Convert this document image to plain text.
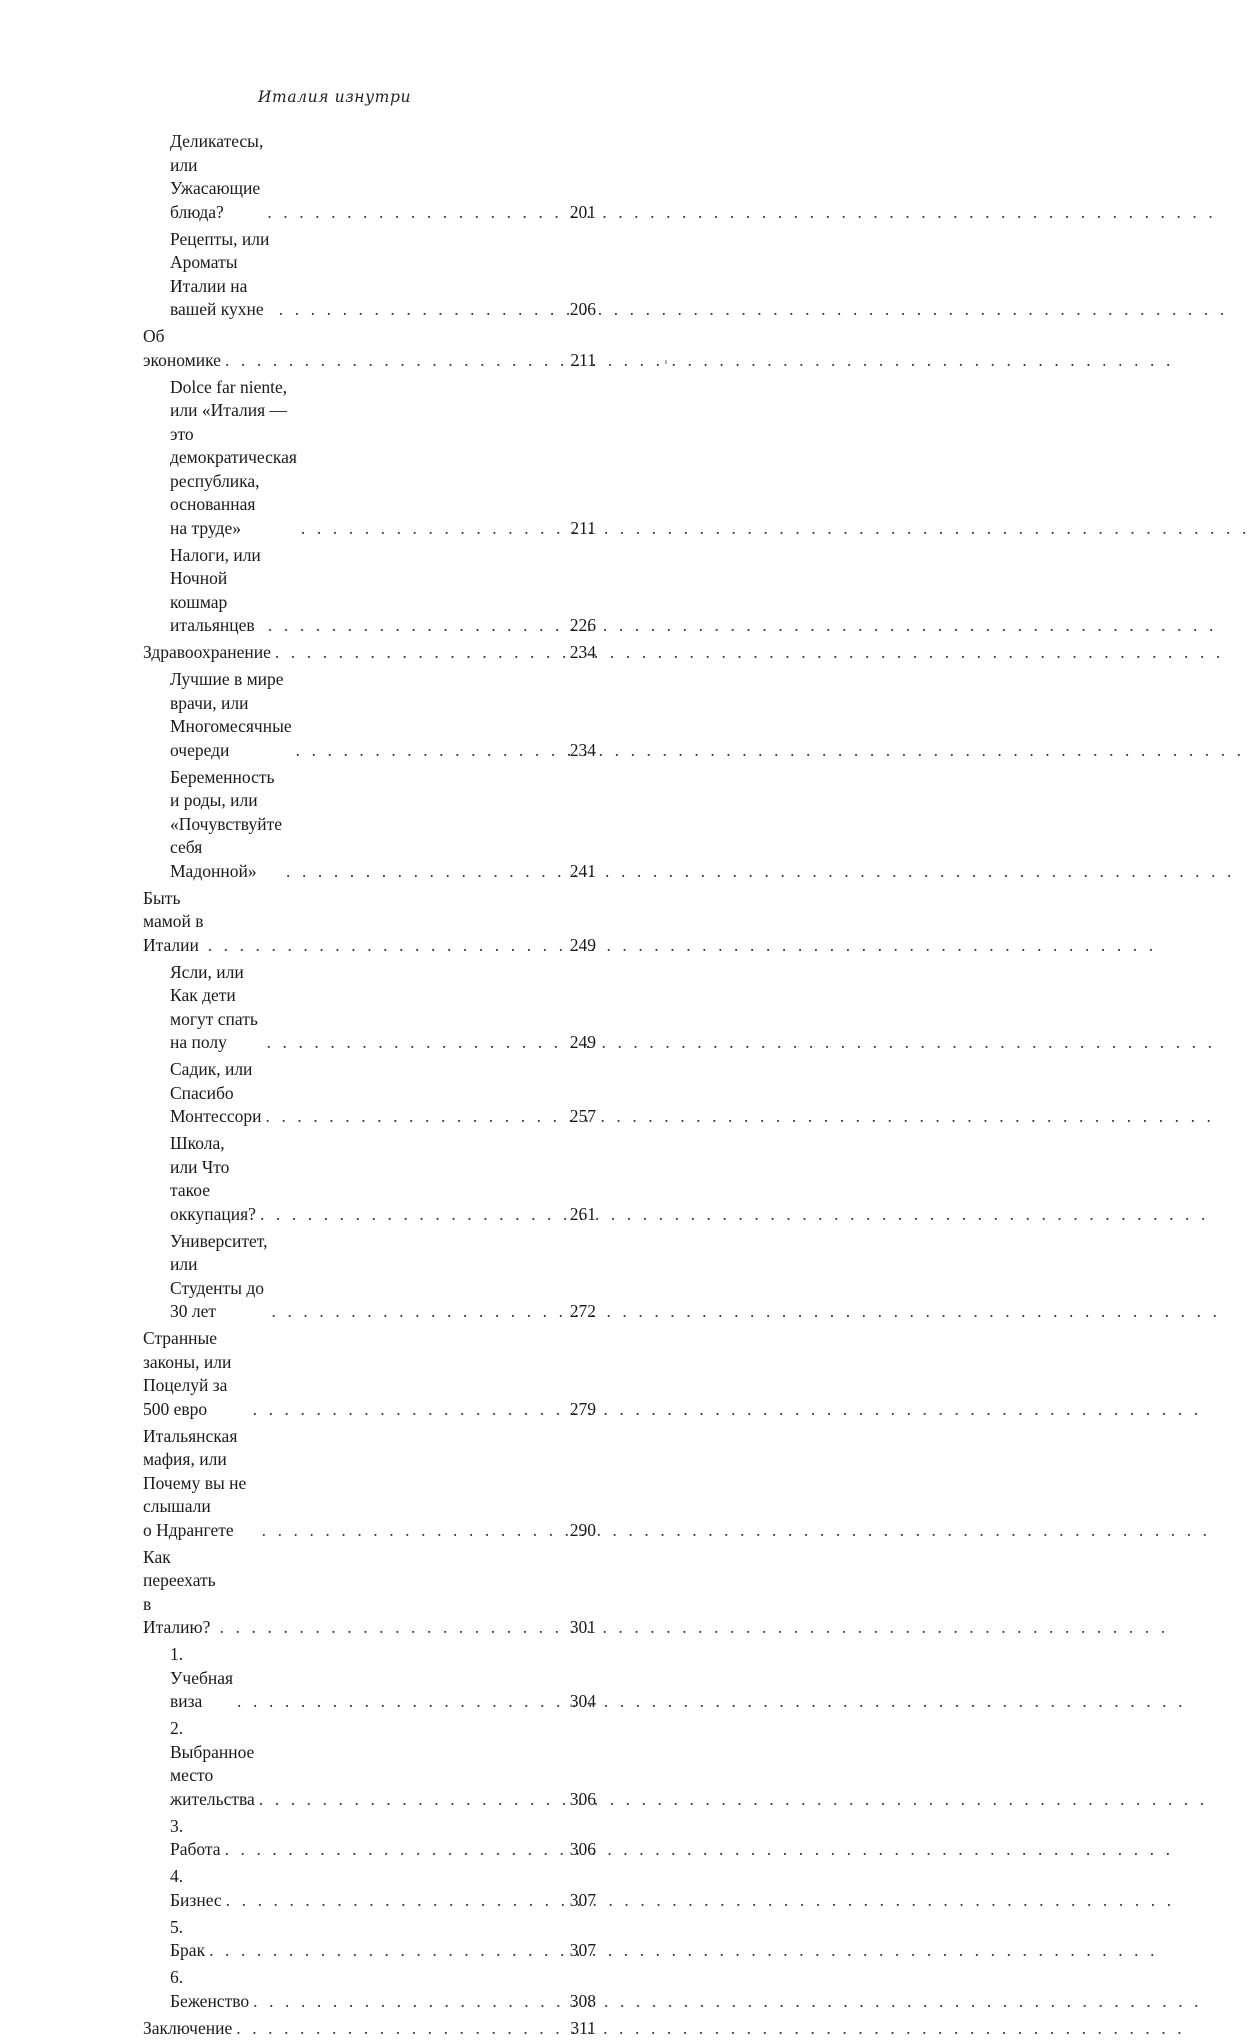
Италия изнутри
Деликатесы, или Ужасающие блюда? . . .	201
Рецепты, или Ароматы Италии на вашей кухне . . .	206
Об экономике . . .	211
Dolce far niente, или «Италия —
это демократическая республика, основанная
на труде» . . .	211
Налоги, или Ночной кошмар итальянцев . . .	226
Здравоохранение . . .	234
Лучшие в мире врачи, или Многомесячные
очереди . . .	234
Беременность и роды, или «Почувствуйте себя
Мадонной» . . .	241
Быть мамой в Италии . . .	249
Ясли, или Как дети могут спать на полу . . .	249
Садик, или Спасибо Монтессори . . .	257
Школа, или Что такое оккупация? . . .	261
Университет, или Студенты до 30 лет . . .	272
Странные законы, или Поцелуй за 500 евро . . .	279
Итальянская мафия, или Почему вы не слышали
о Ндрангете . . .	290
Как переехать в Италию? . . .	301
1. Учебная виза . . .	304
2. Выбранное место жительства . . .	306
3. Работа . . .	306
4. Бизнес . . .	307
5. Брак . . .	307
6. Беженство . . .	308
Заключение . . .	311
ˌ
